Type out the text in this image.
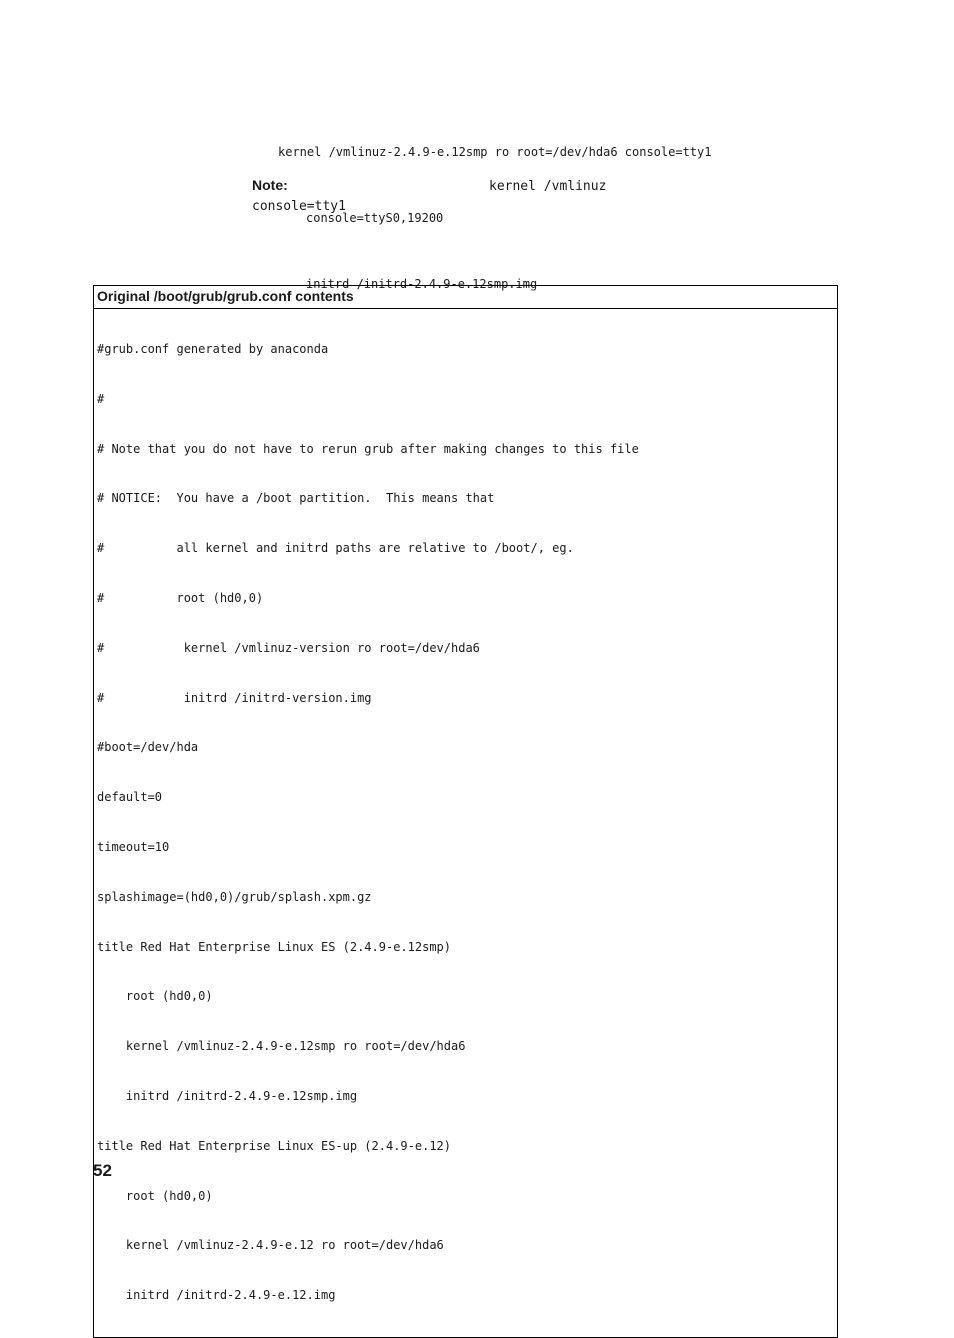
kernel /vmlinuz-2.4.9-e.12smp ro root=/dev/hda6 console=tty1

console=ttyS0,19200

initrd /initrd-2.4.9-e.12smp.img

Note:	kernel /vmlinuz
console=tty1
Original /boot/grub/grub.conf contents

#grub.conf generated by anaconda

#

# Note that you do not have to rerun grub after making changes to this file

# NOTICE:  You have a /boot partition.  This means that

#          all kernel and initrd paths are relative to /boot/, eg.

#          root (hd0,0)

#           kernel /vmlinuz-version ro root=/dev/hda6

#           initrd /initrd-version.img

#boot=/dev/hda

default=0

timeout=10

splashimage=(hd0,0)/grub/splash.xpm.gz

title Red Hat Enterprise Linux ES (2.4.9-e.12smp)

root (hd0,0)

kernel /vmlinuz-2.4.9-e.12smp ro root=/dev/hda6

initrd /initrd-2.4.9-e.12smp.img

title Red Hat Enterprise Linux ES-up (2.4.9-e.12)

root (hd0,0)

kernel /vmlinuz-2.4.9-e.12 ro root=/dev/hda6

initrd /initrd-2.4.9-e.12.img

52
